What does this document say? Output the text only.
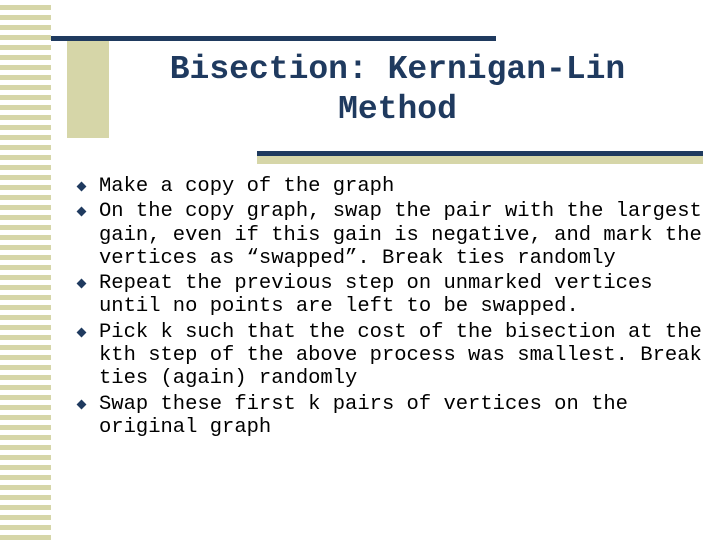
Bisection: Kernigan-Lin
Method
Make a copy of the graph
On the copy graph, swap the pair with the largest gain, even if this gain is negative, and mark the vertices as “swapped”. Break ties randomly
Repeat the previous step on unmarked vertices until no points are left to be swapped.
Pick k such that the cost of the bisection at the kth step of the above process was smallest. Break ties (again) randomly
Swap these first k pairs of vertices on the original graph
